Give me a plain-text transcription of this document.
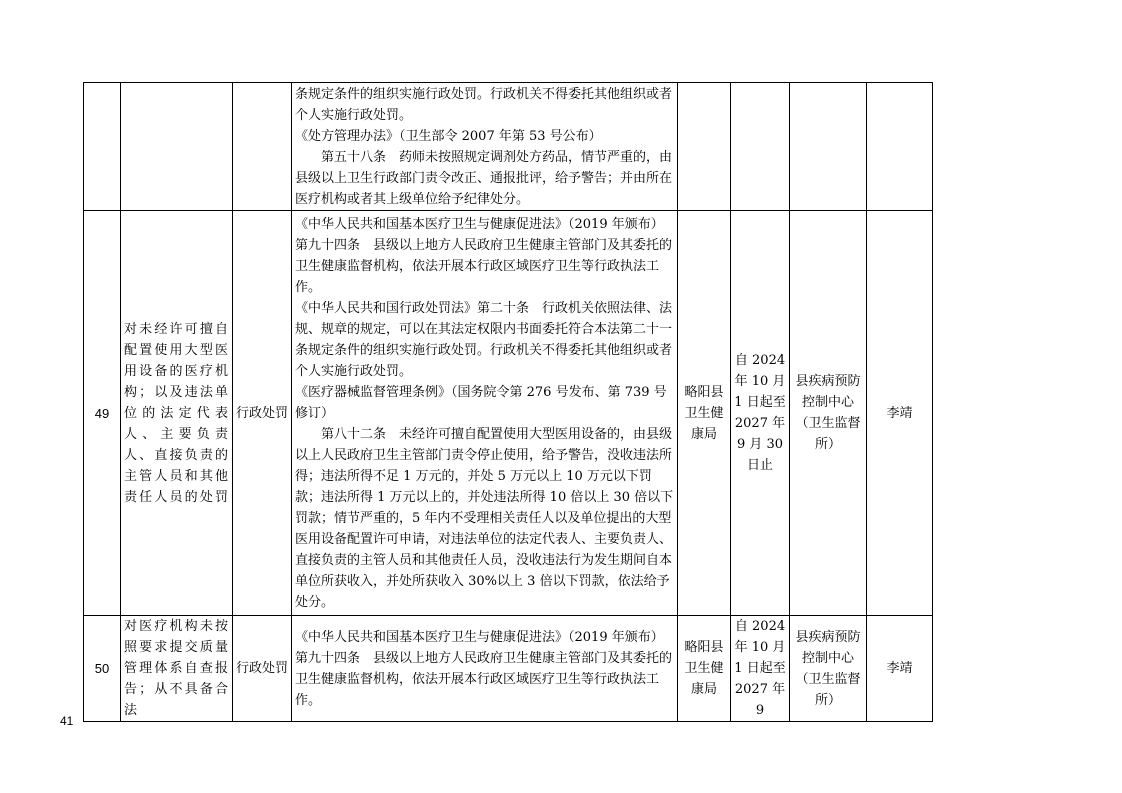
			条规定条件的组织实施行政处罚。行政机关不得委托其他组织或者个人实施行政处罚。
《处方管理办法》（卫生部令 2007 年第 53 号公布）
第五十八条　药师未按照规定调剂处方药品，情节严重的，由县级以上卫生行政部门责令改正、通报批评，给予警告；并由所在医疗机构或者其上级单位给予纪律处分。				

49	对未经许可擅自配置使用大型医用设备的医疗机构；以及违法单位的法定代表人、主要负责人、直接负责的主管人员和其他责任人员的处罚	行政处罚	《中华人民共和国基本医疗卫生与健康促进法》（2019 年颁布）
第九十四条　县级以上地方人民政府卫生健康主管部门及其委托的卫生健康监督机构，依法开展本行政区域医疗卫生等行政执法工作。
《中华人民共和国行政处罚法》第二十条　行政机关依照法律、法规、规章的规定，可以在其法定权限内书面委托符合本法第二十一条规定条件的组织实施行政处罚。行政机关不得委托其他组织或者个人实施行政处罚。
《医疗器械监督管理条例》（国务院令第 276 号发布、第 739 号修订）
第八十二条　未经许可擅自配置使用大型医用设备的，由县级以上人民政府卫生主管部门责令停止使用，给予警告，没收违法所得；违法所得不足 1 万元的，并处 5 万元以上 10 万元以下罚款；违法所得 1 万元以上的，并处违法所得 10 倍以上 30 倍以下罚款；情节严重的，5 年内不受理相关责任人以及单位提出的大型医用设备配置许可申请，对违法单位的法定代表人、主要负责人、直接负责的主管人员和其他责任人员，没收违法行为发生期间自本单位所获收入，并处所获收入 30%以上 3 倍以下罚款，依法给予处分。	略阳县卫生健康局	自 2024 年 10 月 1 日起至 2027 年 9 月 30 日止	县疾病预防控制中心（卫生监督所）	李靖
50	对医疗机构未按照要求提交质量管理体系自查报告；从不具备合法	行政处罚	《中华人民共和国基本医疗卫生与健康促进法》（2019 年颁布）
第九十四条　县级以上地方人民政府卫生健康主管部门及其委托的卫生健康监督机构，依法开展本行政区域医疗卫生等行政执法工作。	略阳县卫生健康局	自 2024 年 10 月 1 日起至 2027 年 9	县疾病预防控制中心（卫生监督所）	李靖
41
